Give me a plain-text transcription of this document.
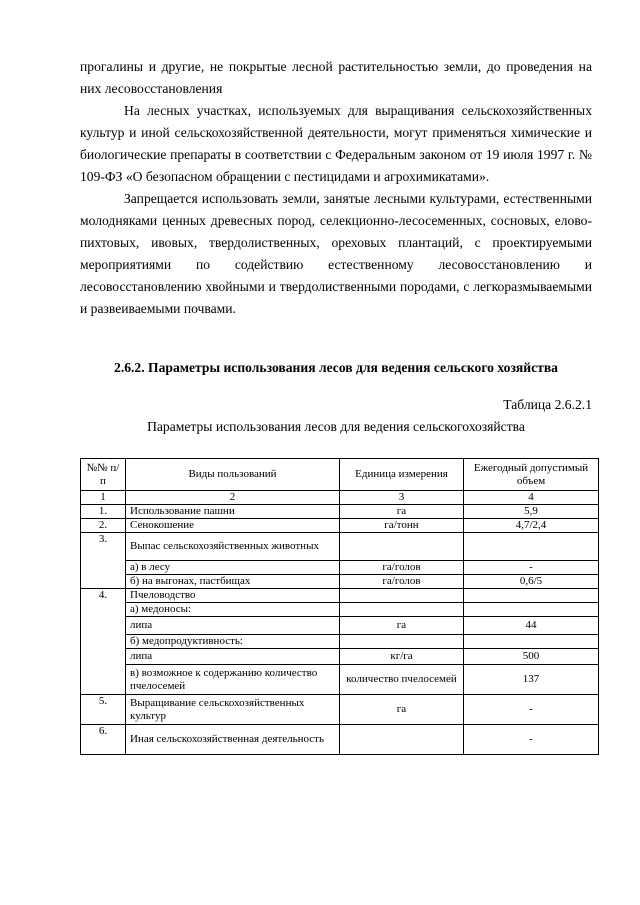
прогалины и другие, не покрытые лесной растительностью земли, до проведения на них лесовосстановления

На лесных участках, используемых для выращивания сельскохозяйственных культур и иной сельскохозяйственной деятельности, могут применяться химические и биологические препараты в соответствии с Федеральным законом от 19 июля 1997 г. № 109-ФЗ «О безопасном обращении с пестицидами и агрохимикатами».

Запрещается использовать земли, занятые лесными культурами, естественными молодняками ценных древесных пород, селекционно-лесосеменных, сосновых, елово-пихтовых, ивовых, твердолиственных, ореховых плантаций, с проектируемыми мероприятиями по содействию естественному лесовосстановлению и лесовосстановлению хвойными и твердолиственными породами, с легкоразмываемыми и развеиваемыми почвами.

2.6.2. Параметры использования лесов для ведения сельского хозяйства

Таблица 2.6.2.1
Параметры использования лесов для ведения сельскогохозяйства
№№ п/п	Виды пользований	Единица измерения	Ежегодный допустимый объем
1	2	3	4
1.	Использование пашни	га	5,9
2.	Сенокошение	га/тонн	4,7/2,4
3.	Выпас сельскохозяйственных животных		
	а) в лесу	га/голов	-
	б) на выгонах, пастбищах	га/голов	0,6/5
4.	Пчеловодство		
	а) медоносы:		
	липа	га	44
	б) медопродуктивность:		
	липа	кг/га	500
	в) возможное к содержанию количество пчелосемей	количество пчелосемей	137
5.	Выращивание сельскохозяйственных культур	га	-
6.	Иная сельскохозяйственная деятельность		-
